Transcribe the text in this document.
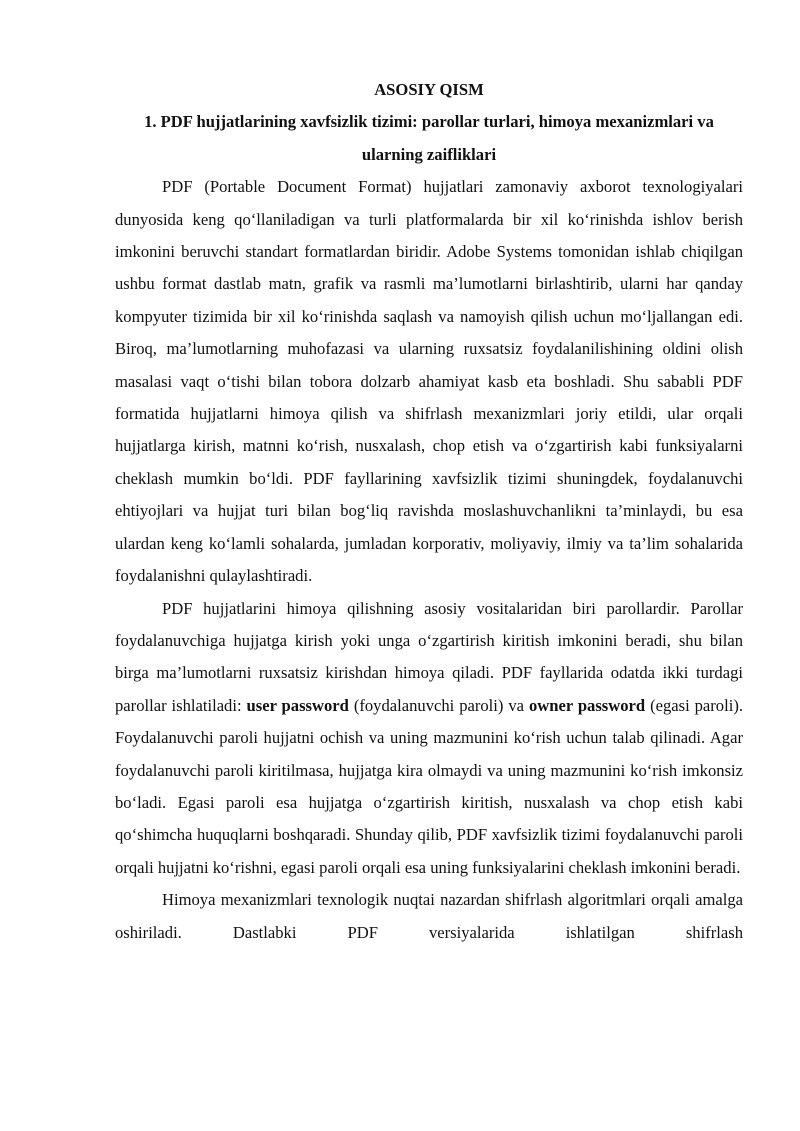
ASOSIY QISM

1. PDF hujjatlarining xavfsizlik tizimi: parollar turlari, himoya mexanizmlari va ularning zaifliklari

PDF (Portable Document Format) hujjatlari zamonaviy axborot texnologiyalari dunyosida keng qo‘llaniladigan va turli platformalarda bir xil ko‘rinishda ishlov berish imkonini beruvchi standart formatlardan biridir. Adobe Systems tomonidan ishlab chiqilgan ushbu format dastlab matn, grafik va rasmli ma’lumotlarni birlashtirib, ularni har qanday kompyuter tizimida bir xil ko‘rinishda saqlash va namoyish qilish uchun mo‘ljallangan edi. Biroq, ma’lumotlarning muhofazasi va ularning ruxsatsiz foydalanilishining oldini olish masalasi vaqt o‘tishi bilan tobora dolzarb ahamiyat kasb eta boshladi. Shu sababli PDF formatida hujjatlarni himoya qilish va shifrlash mexanizmlari joriy etildi, ular orqali hujjatlarga kirish, matnni ko‘rish, nusxalash, chop etish va o‘zgartirish kabi funksiyalarni cheklash mumkin bo‘ldi. PDF fayllarining xavfsizlik tizimi shuningdek, foydalanuvchi ehtiyojlari va hujjat turi bilan bog‘liq ravishda moslashuvchanlikni ta’minlaydi, bu esa ulardan keng ko‘lamli sohalarda, jumladan korporativ, moliyaviy, ilmiy va ta’lim sohalarida foydalanishni qulaylashtiradi.

PDF hujjatlarini himoya qilishning asosiy vositalaridan biri parollardir. Parollar foydalanuvchiga hujjatga kirish yoki unga o‘zgartirish kiritish imkonini beradi, shu bilan birga ma’lumotlarni ruxsatsiz kirishdan himoya qiladi. PDF fayllarida odatda ikki turdagi parollar ishlatiladi: user password (foydalanuvchi paroli) va owner password (egasi paroli). Foydalanuvchi paroli hujjatni ochish va uning mazmunini ko‘rish uchun talab qilinadi. Agar foydalanuvchi paroli kiritilmasa, hujjatga kira olmaydi va uning mazmunini ko‘rish imkonsiz bo‘ladi. Egasi paroli esa hujjatga o‘zgartirish kiritish, nusxalash va chop etish kabi qo‘shimcha huquqlarni boshqaradi. Shunday qilib, PDF xavfsizlik tizimi foydalanuvchi paroli orqali hujjatni ko‘rishni, egasi paroli orqali esa uning funksiyalarini cheklash imkonini beradi.

Himoya mexanizmlari texnologik nuqtai nazardan shifrlash algoritmlari orqali amalga oshiriladi. Dastlabki PDF versiyalarida ishlatilgan shifrlash
